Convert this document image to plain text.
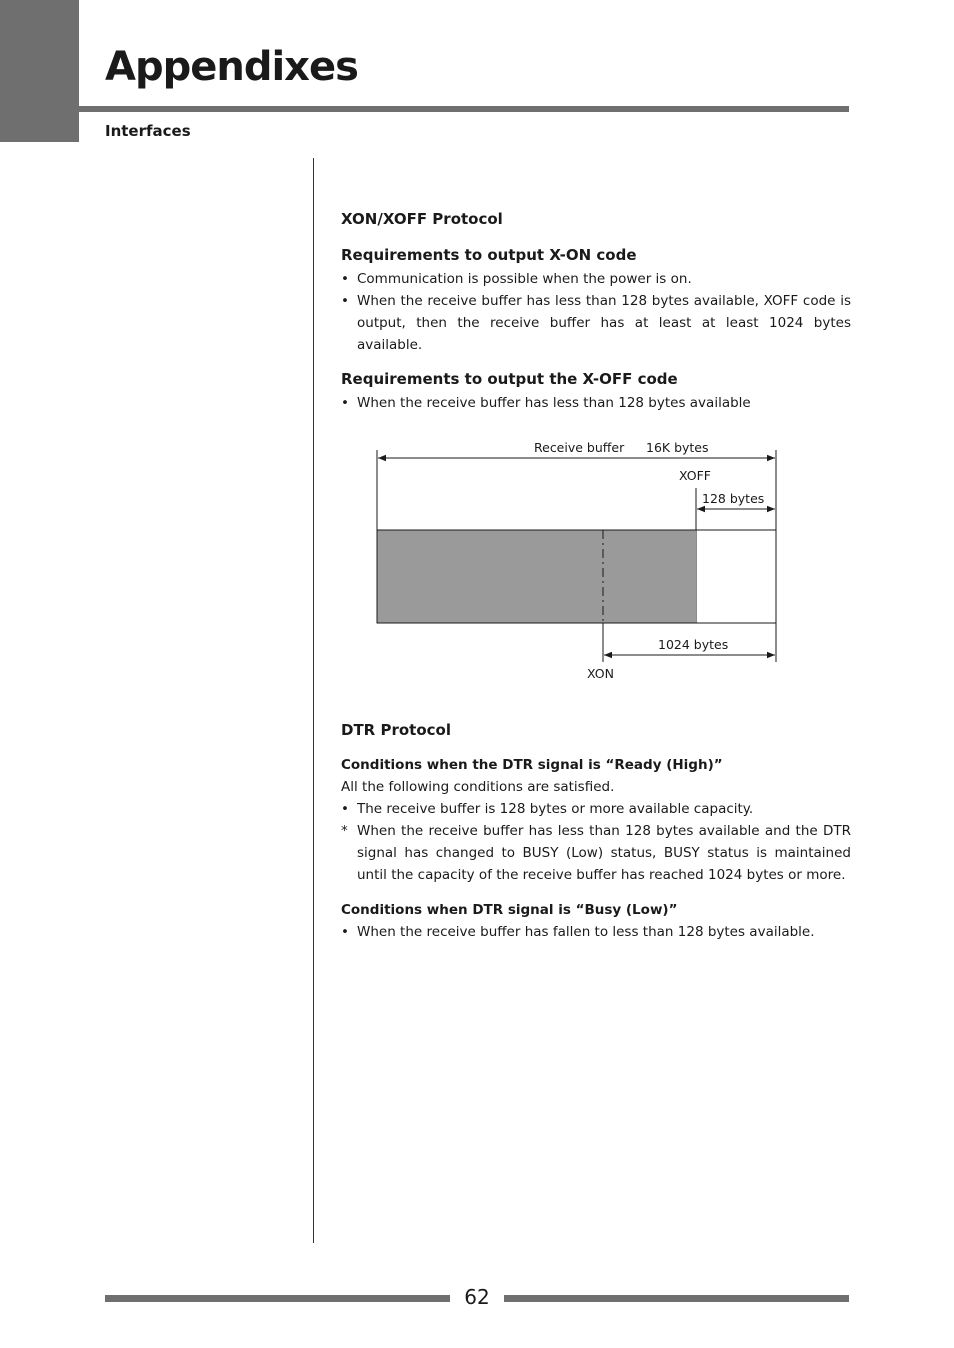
Appendixes
Interfaces
XON/XOFF Protocol
Requirements to output X-ON code
• Communication is possible when the power is on.
• When the receive buffer has less than 128 bytes available, XOFF code is output, then the receive buffer has at least at least 1024 bytes available.
Requirements to output the X-OFF code
• When the receive buffer has less than 128 bytes available
Receive buffer 16K bytes
XOFF
128 bytes
1024 bytes
XON
DTR Protocol
Conditions when the DTR signal is “Ready (High)”

All the following conditions are satisfied.

• The receive buffer is 128 bytes or more available capacity.
* When the receive buffer has less than 128 bytes available and the DTR signal has changed to BUSY (Low) status, BUSY status is maintained until the capacity of the receive buffer has reached 1024 bytes or more.
Conditions when DTR signal is “Busy (Low)”
• When the receive buffer has fallen to less than 128 bytes available.
62
